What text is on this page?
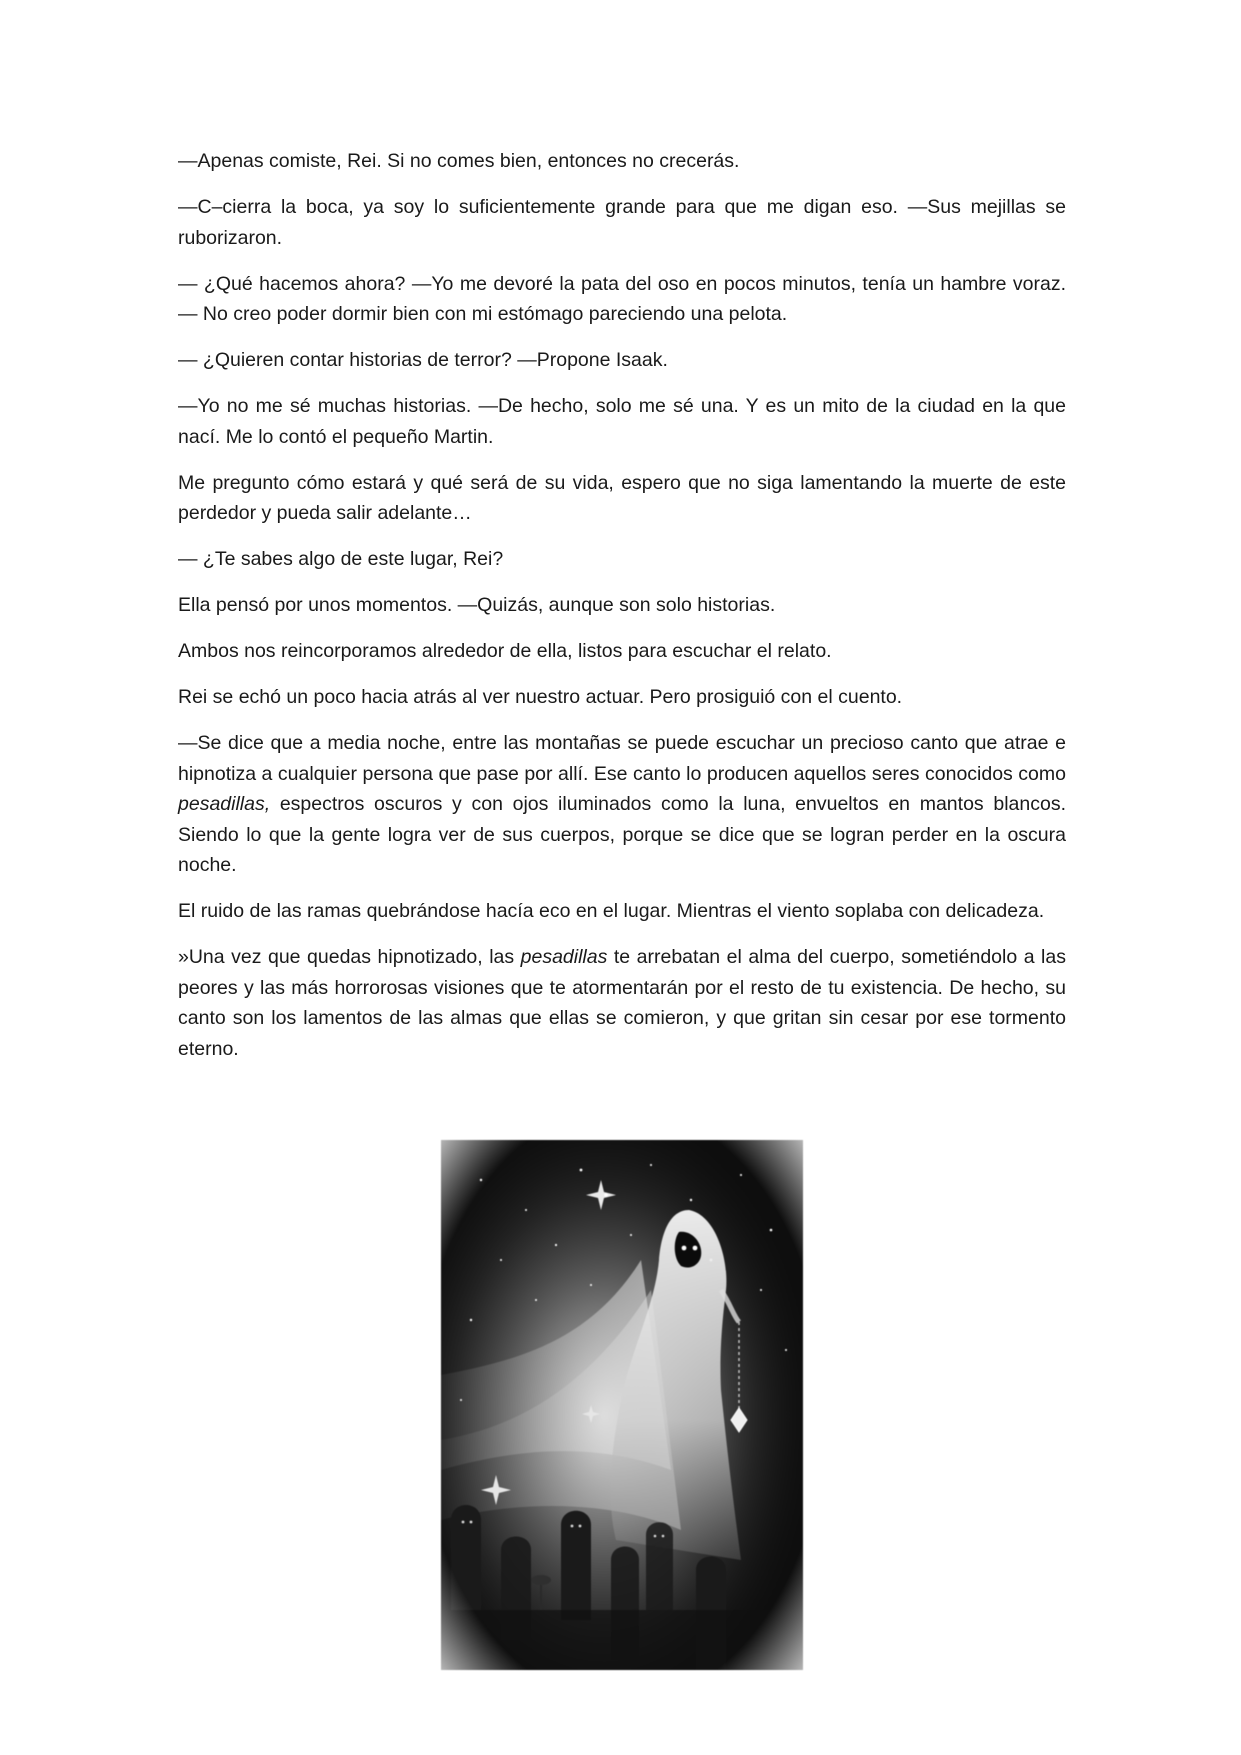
—Apenas comiste, Rei. Si no comes bien, entonces no crecerás.

—C–cierra la boca, ya soy lo suficientemente grande para que me digan eso. —Sus mejillas se ruborizaron.

— ¿Qué hacemos ahora? —Yo me devoré la pata del oso en pocos minutos, tenía un hambre voraz. — No creo poder dormir bien con mi estómago pareciendo una pelota.

— ¿Quieren contar historias de terror? —Propone Isaak.

—Yo no me sé muchas historias. —De hecho, solo me sé una. Y es un mito de la ciudad en la que nací. Me lo contó el pequeño Martin.

Me pregunto cómo estará y qué será de su vida, espero que no siga lamentando la muerte de este perdedor y pueda salir adelante…

— ¿Te sabes algo de este lugar, Rei?

Ella pensó por unos momentos. —Quizás, aunque son solo historias.

Ambos nos reincorporamos alrededor de ella, listos para escuchar el relato.

Rei se echó un poco hacia atrás al ver nuestro actuar. Pero prosiguió con el cuento.

—Se dice que a media noche, entre las montañas se puede escuchar un precioso canto que atrae e hipnotiza a cualquier persona que pase por allí. Ese canto lo producen aquellos seres conocidos como pesadillas, espectros oscuros y con ojos iluminados como la luna, envueltos en mantos blancos. Siendo lo que la gente logra ver de sus cuerpos, porque se dice que se logran perder en la oscura noche.

El ruido de las ramas quebrándose hacía eco en el lugar. Mientras el viento soplaba con delicadeza.

»Una vez que quedas hipnotizado, las pesadillas te arrebatan el alma del cuerpo, sometiéndolo a las peores y las más horrorosas visiones que te atormentarán por el resto de tu existencia. De hecho, su canto son los lamentos de las almas que ellas se comieron, y que gritan sin cesar por ese tormento eterno.
